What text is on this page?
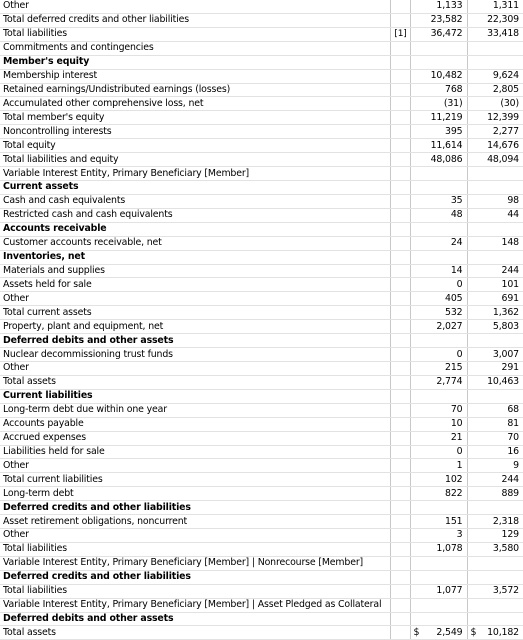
Other		1,133	1,311
Total deferred credits and other liabilities		23,582	22,309
Total liabilities	[1]	36,472	33,418
Commitments and contingencies			
Member's equity			
Membership interest		10,482	9,624
Retained earnings/Undistributed earnings (losses)		768	2,805
Accumulated other comprehensive loss, net		(31)	(30)
Total member's equity		11,219	12,399
Noncontrolling interests		395	2,277
Total equity		11,614	14,676
Total liabilities and equity		48,086	48,094
Variable Interest Entity, Primary Beneficiary [Member]			
Current assets			
Cash and cash equivalents		35	98
Restricted cash and cash equivalents		48	44
Accounts receivable			
Customer accounts receivable, net		24	148
Inventories, net			
Materials and supplies		14	244
Assets held for sale		0	101
Other		405	691
Total current assets		532	1,362
Property, plant and equipment, net		2,027	5,803
Deferred debits and other assets			
Nuclear decommissioning trust funds		0	3,007
Other		215	291
Total assets		2,774	10,463
Current liabilities			
Long-term debt due within one year		70	68
Accounts payable		10	81
Accrued expenses		21	70
Liabilities held for sale		0	16
Other		1	9
Total current liabilities		102	244
Long-term debt		822	889
Deferred credits and other liabilities			
Asset retirement obligations, noncurrent		151	2,318
Other		3	129
Total liabilities		1,078	3,580
Variable Interest Entity, Primary Beneficiary [Member] | Nonrecourse [Member]			
Deferred credits and other liabilities			
Total liabilities		1,077	3,572
Variable Interest Entity, Primary Beneficiary [Member] | Asset Pledged as Collateral			
Deferred debits and other assets			
Total assets		$ 2,549	$ 10,182
